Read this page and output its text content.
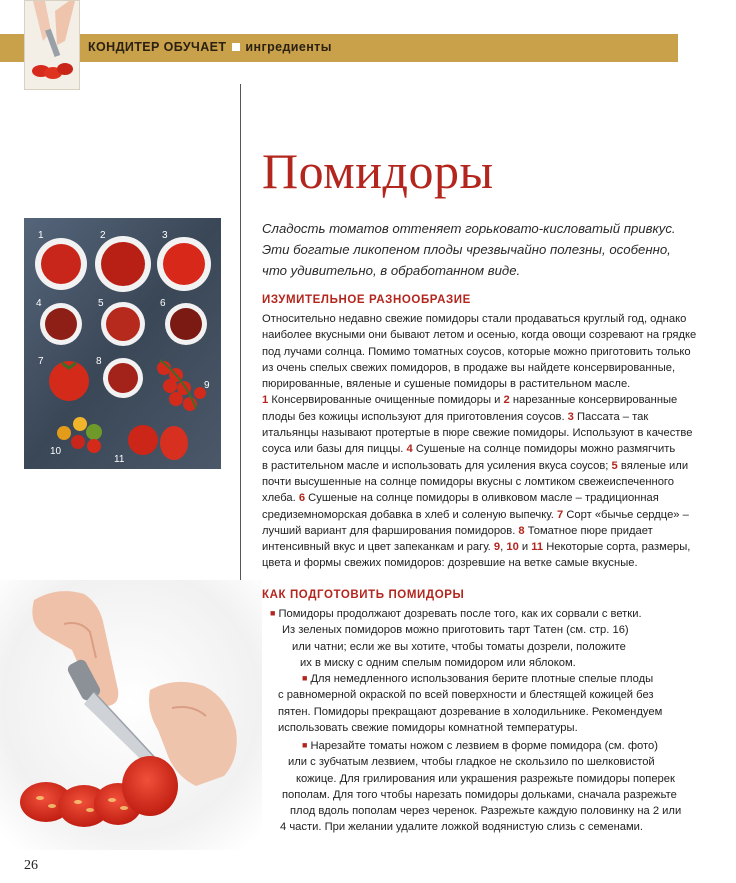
КОНДИТЕР ОБУЧАЕТ ингредиенты
Помидоры
Сладость томатов оттеняет горьковато-кисловатый привкус.
Эти богатые ликопеном плоды чрезвычайно полезны, особенно,
что удивительно, в обработанном виде.
1	2	3
4	5	6
7	8
9
10
11
ИЗУМИТЕЛЬНОЕ РАЗНООБРАЗИЕ
Относительно недавно свежие помидоры стали продаваться круглый год, однако
наиболее вкусными они бывают летом и осенью, когда овощи созревают на грядке
под лучами солнца. Помимо томатных соусов, которые можно приготовить только
из очень спелых свежих помидоров, в продаже вы найдете консервированные,
пюрированные, вяленые и сушеные помидоры в растительном масле.
1 Консервированные очищенные помидоры и 2 нарезанные консервированные
плоды без кожицы используют для приготовления соусов. 3 Пассата – так
итальянцы называют протертые в пюре свежие помидоры. Используют в качестве
соуса или базы для пиццы. 4 Сушеные на солнце помидоры можно размягчить
в растительном масле и использовать для усиления вкуса соусов; 5 вяленые или
почти высушенные на солнце помидоры вкусны с ломтиком свежеиспеченного
хлеба. 6 Сушеные на солнце помидоры в оливковом масле – традиционная
средиземноморская добавка в хлеб и соленую выпечку. 7 Сорт «бычье сердце» –
лучший вариант для фарширования помидоров. 8 Томатное пюре придает
интенсивный вкус и цвет запеканкам и рагу. 9, 10 и 11 Некоторые сорта, размеры,
цвета и формы свежих помидоров: дозревшие на ветке самые вкусные.
КАК ПОДГОТОВИТЬ ПОМИДОРЫ
■ Помидоры продолжают дозревать после того, как их сорвали с ветки.
Из зеленых помидоров можно приготовить тарт Татен (см. стр. 16)
или чатни; если же вы хотите, чтобы томаты дозрели, положите
их в миску с одним спелым помидором или яблоком.
■ Для немедленного использования берите плотные спелые плоды
с равномерной окраской по всей поверхности и блестящей кожицей без
пятен. Помидоры прекращают дозревание в холодильнике. Рекомендуем
использовать свежие помидоры комнатной температуры.
■ Нарезайте томаты ножом с лезвием в форме помидора (см. фото)
или с зубчатым лезвием, чтобы гладкое не скользило по шелковистой
кожице. Для грилирования или украшения разрежьте помидоры поперек
пополам. Для того чтобы нарезать помидоры дольками, сначала разрежьте
плод вдоль пополам через черенок. Разрежьте каждую половинку на 2 или
4 части. При желании удалите ложкой водянистую слизь с семенами.
26
